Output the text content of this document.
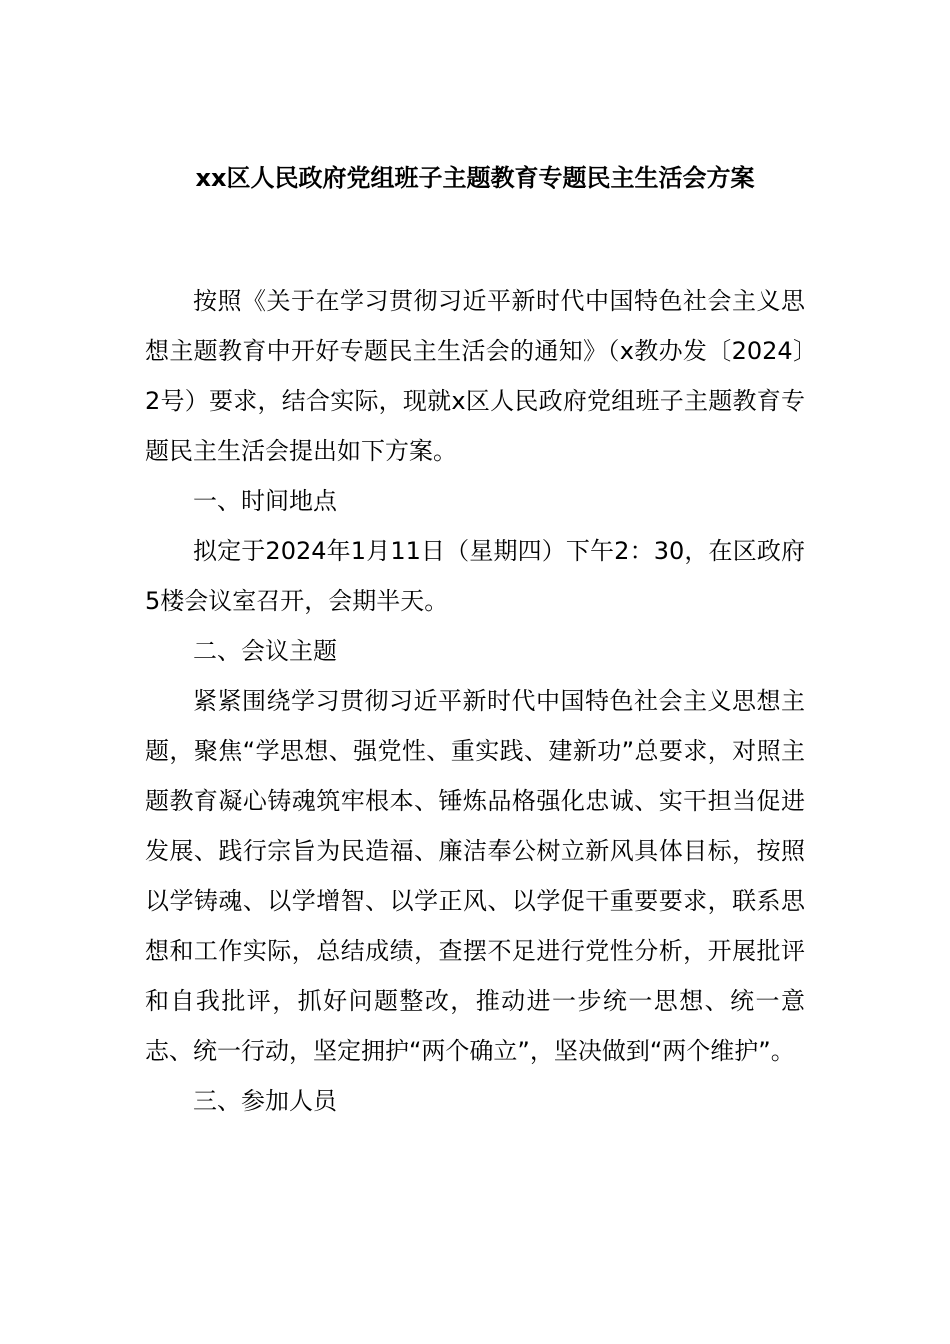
xx区人民政府党组班子主题教育专题民主生活会方案

按照《关于在学习贯彻习近平新时代中国特色社会主义思想主题教育中开好专题民主生活会的通知》（x教办发〔2024〕2号）要求，结合实际，现就x区人民政府党组班子主题教育专题民主生活会提出如下方案。

一、时间地点

拟定于2024年1月11日（星期四）下午2：30，在区政府5楼会议室召开，会期半天。

二、会议主题

紧紧围绕学习贯彻习近平新时代中国特色社会主义思想主题，聚焦“学思想、强党性、重实践、建新功”总要求，对照主题教育凝心铸魂筑牢根本、锤炼品格强化忠诚、实干担当促进发展、践行宗旨为民造福、廉洁奉公树立新风具体目标，按照以学铸魂、以学增智、以学正风、以学促干重要要求，联系思想和工作实际，总结成绩，查摆不足进行党性分析，开展批评和自我批评，抓好问题整改，推动进一步统一思想、统一意志、统一行动，坚定拥护“两个确立”，坚决做到“两个维护”。

三、参加人员
